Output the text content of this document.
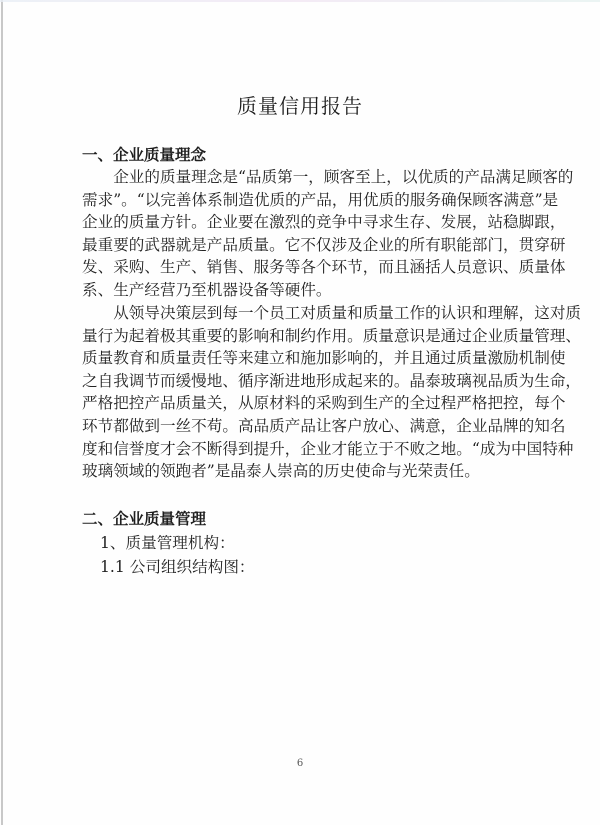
质量信用报告
一、企业质量理念
　　企业的质量理念是“品质第一，顾客至上，以优质的产品满足顾客的
需求”。“以完善体系制造优质的产品，用优质的服务确保顾客满意”是
企业的质量方针。企业要在激烈的竞争中寻求生存、发展，站稳脚跟，
最重要的武器就是产品质量。它不仅涉及企业的所有职能部门，贯穿研
发、采购、生产、销售、服务等各个环节，而且涵括人员意识、质量体
系、生产经营乃至机器设备等硬件。
　　从领导决策层到每一个员工对质量和质量工作的认识和理解，这对质
量行为起着极其重要的影响和制约作用。质量意识是通过企业质量管理、
质量教育和质量责任等来建立和施加影响的，并且通过质量激励机制使
之自我调节而缓慢地、循序渐进地形成起来的。晶泰玻璃视品质为生命，
严格把控产品质量关，从原材料的采购到生产的全过程严格把控，每个
环节都做到一丝不苟。高品质产品让客户放心、满意，企业品牌的知名
度和信誉度才会不断得到提升，企业才能立于不败之地。“成为中国特种
玻璃领域的领跑者”是晶泰人崇高的历史使命与光荣责任。
二、企业质量管理
1、质量管理机构：
1.1 公司组织结构图：
6
